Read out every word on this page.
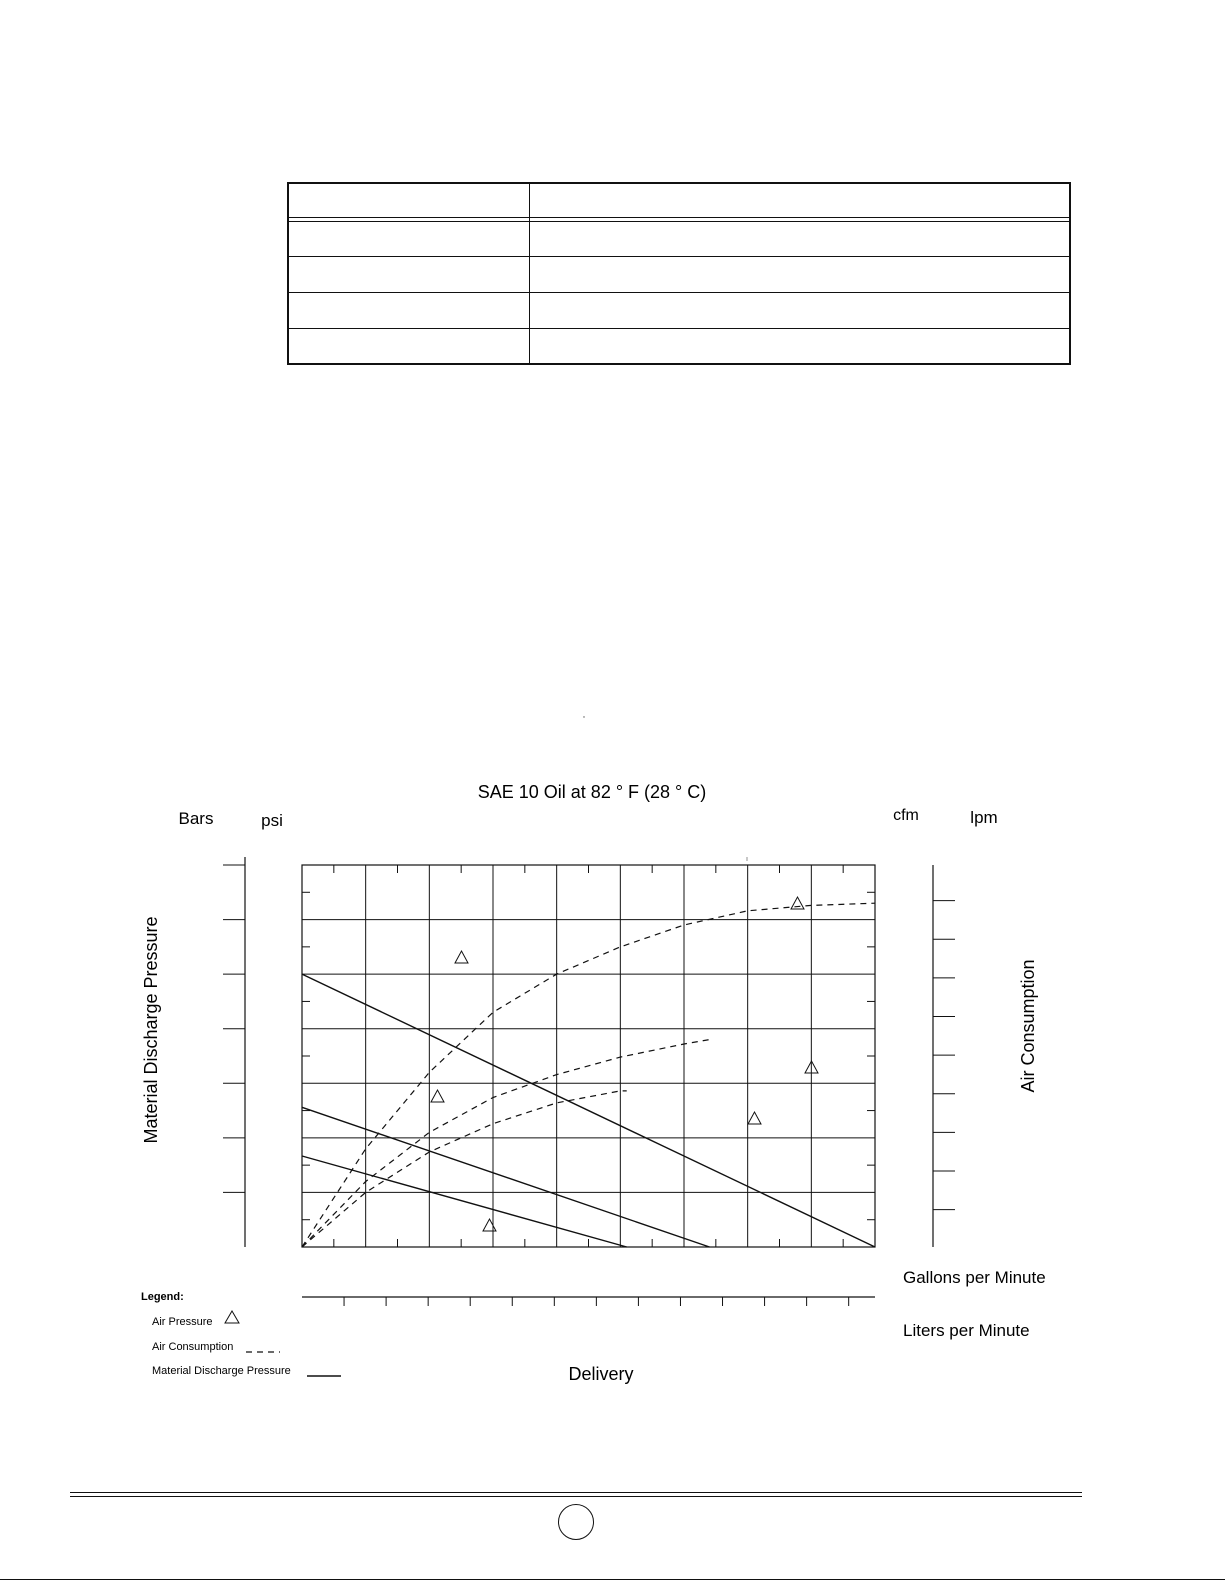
SAE 10 Oil at 82 ° F (28 ° C)
Bars	psi	cfm	lpm
Material Discharge Pressure	Air Consumption
Gallons per Minute
Liters per Minute
Delivery
Legend:
Air Pressure
Air Consumption
Material Discharge Pressure
